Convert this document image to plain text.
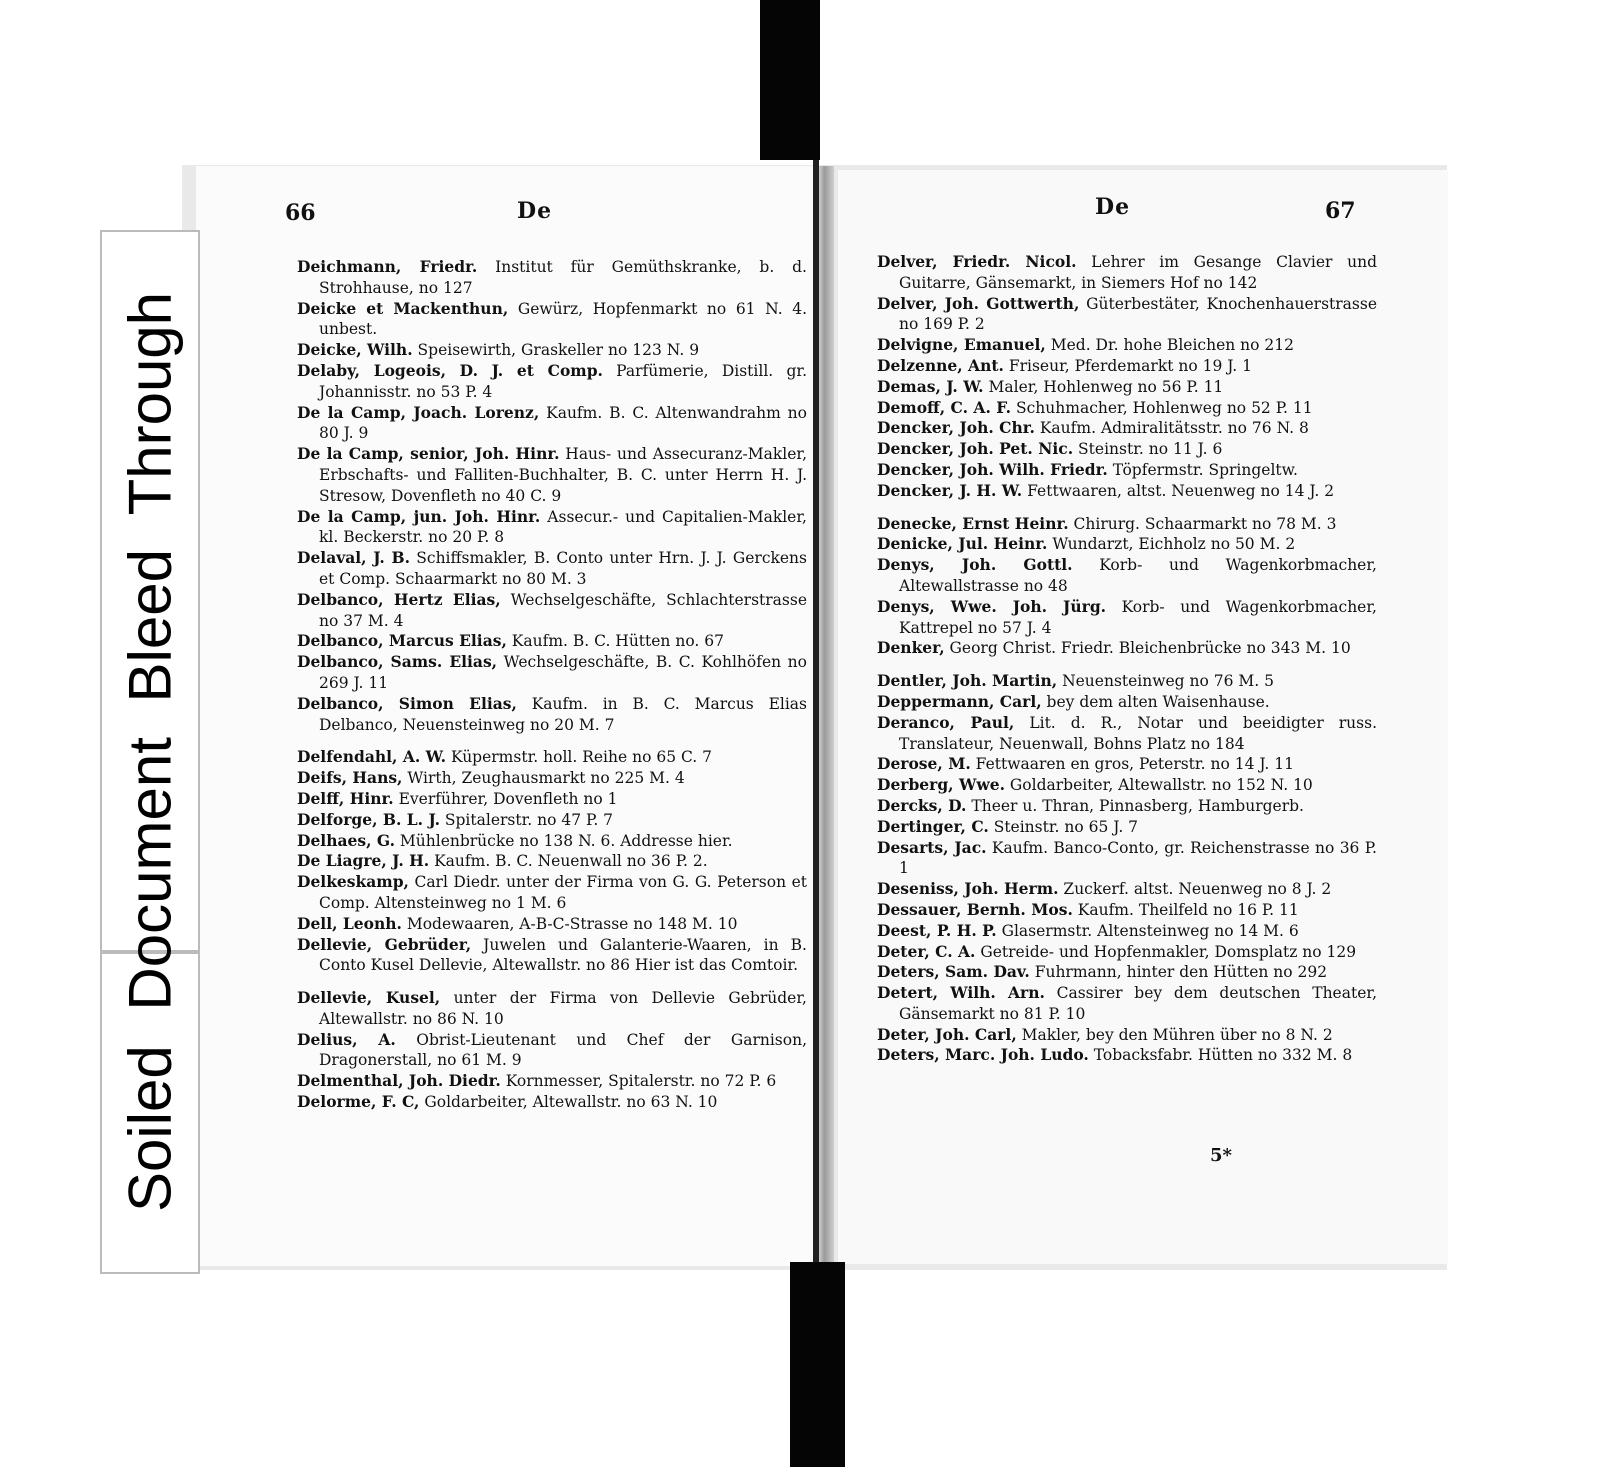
Soiled Document Bleed Through
66	De	67
De

Deichmann, Friedr. Institut für Gemüthskranke, b. d. Strohhause, no 127

Deicke et Mackenthun, Gewürz, Hopfenmarkt no 61 N. 4. unbest.

Deicke, Wilh. Speisewirth, Graskeller no 123 N. 9

Delaby, Logeois, D. J. et Comp. Parfümerie, Distill. gr. Johannisstr. no 53 P. 4

De la Camp, Joach. Lorenz, Kaufm. B. C. Altenwandrahm no 80 J. 9

De la Camp, senior, Joh. Hinr. Haus- und Assecuranz-Makler, Erbschafts- und Falliten-Buchhalter, B. C. unter Herrn H. J. Stresow, Dovenfleth no 40 C. 9

De la Camp, jun. Joh. Hinr. Assecur.- und Capitalien-Makler, kl. Beckerstr. no 20 P. 8

Delaval, J. B. Schiffsmakler, B. Conto unter Hrn. J. J. Gerckens et Comp. Schaarmarkt no 80 M. 3

Delbanco, Hertz Elias, Wechselgeschäfte, Schlachterstrasse no 37 M. 4

Delbanco, Marcus Elias, Kaufm. B. C. Hütten no. 67

Delbanco, Sams. Elias, Wechselgeschäfte, B. C. Kohlhöfen no 269 J. 11

Delbanco, Simon Elias, Kaufm. in B. C. Marcus Elias Delbanco, Neuensteinweg no 20 M. 7

Delfendahl, A. W. Küpermstr. holl. Reihe no 65 C. 7

Deifs, Hans, Wirth, Zeughausmarkt no 225 M. 4

Delff, Hinr. Everführer, Dovenfleth no 1

Delforge, B. L. J. Spitalerstr. no 47 P. 7

Delhaes, G. Mühlenbrücke no 138 N. 6. Addresse hier.

De Liagre, J. H. Kaufm. B. C. Neuenwall no 36 P. 2.

Delkeskamp, Carl Diedr. unter der Firma von G. G. Peterson et Comp. Altensteinweg no 1 M. 6

Dell, Leonh. Modewaaren, A-B-C-Strasse no 148 M. 10

Dellevie, Gebrüder, Juwelen und Galanterie-Waaren, in B. Conto Kusel Dellevie, Altewallstr. no 86 Hier ist das Comtoir.

Dellevie, Kusel, unter der Firma von Dellevie Gebrüder, Altewallstr. no 86 N. 10

Delius, A. Obrist-Lieutenant und Chef der Garnison, Dragonerstall, no 61 M. 9

Delmenthal, Joh. Diedr. Kornmesser, Spitalerstr. no 72 P. 6

Delorme, F. C, Goldarbeiter, Altewallstr. no 63 N. 10

Delver, Friedr. Nicol. Lehrer im Gesange Clavier und Guitarre, Gänsemarkt, in Siemers Hof no 142

Delver, Joh. Gottwerth, Güterbestäter, Knochenhauerstrasse no 169 P. 2

Delvigne, Emanuel, Med. Dr. hohe Bleichen no 212

Delzenne, Ant. Friseur, Pferdemarkt no 19 J. 1

Demas, J. W. Maler, Hohlenweg no 56 P. 11

Demoff, C. A. F. Schuhmacher, Hohlenweg no 52 P. 11

Dencker, Joh. Chr. Kaufm. Admiralitätsstr. no 76 N. 8

Dencker, Joh. Pet. Nic. Steinstr. no 11 J. 6

Dencker, Joh. Wilh. Friedr. Töpfermstr. Springeltw.

Dencker, J. H. W. Fettwaaren, altst. Neuenweg no 14 J. 2

Denecke, Ernst Heinr. Chirurg. Schaarmarkt no 78 M. 3

Denicke, Jul. Heinr. Wundarzt, Eichholz no 50 M. 2

Denys, Joh. Gottl. Korb- und Wagenkorbmacher, Altewallstrasse no 48

Denys, Wwe. Joh. Jürg. Korb- und Wagenkorbmacher, Kattrepel no 57 J. 4

Denker, Georg Christ. Friedr. Bleichenbrücke no 343 M. 10

Dentler, Joh. Martin, Neuensteinweg no 76 M. 5

Deppermann, Carl, bey dem alten Waisenhause.

Deranco, Paul, Lit. d. R., Notar und beeidigter russ. Translateur, Neuenwall, Bohns Platz no 184

Derose, M. Fettwaaren en gros, Peterstr. no 14 J. 11

Derberg, Wwe. Goldarbeiter, Altewallstr. no 152 N. 10

Dercks, D. Theer u. Thran, Pinnasberg, Hamburgerb.

Dertinger, C. Steinstr. no 65 J. 7

Desarts, Jac. Kaufm. Banco-Conto, gr. Reichenstrasse no 36 P. 1

Deseniss, Joh. Herm. Zuckerf. altst. Neuenweg no 8 J. 2

Dessauer, Bernh. Mos. Kaufm. Theilfeld no 16 P. 11

Deest, P. H. P. Glasermstr. Altensteinweg no 14 M. 6

Deter, C. A. Getreide- und Hopfenmakler, Domsplatz no 129

Deters, Sam. Dav. Fuhrmann, hinter den Hütten no 292

Detert, Wilh. Arn. Cassirer bey dem deutschen Theater, Gänsemarkt no 81 P. 10

Deter, Joh. Carl, Makler, bey den Mühren über no 8 N. 2

Deters, Marc. Joh. Ludo. Tobacksfabr. Hütten no 332 M. 8

5*
